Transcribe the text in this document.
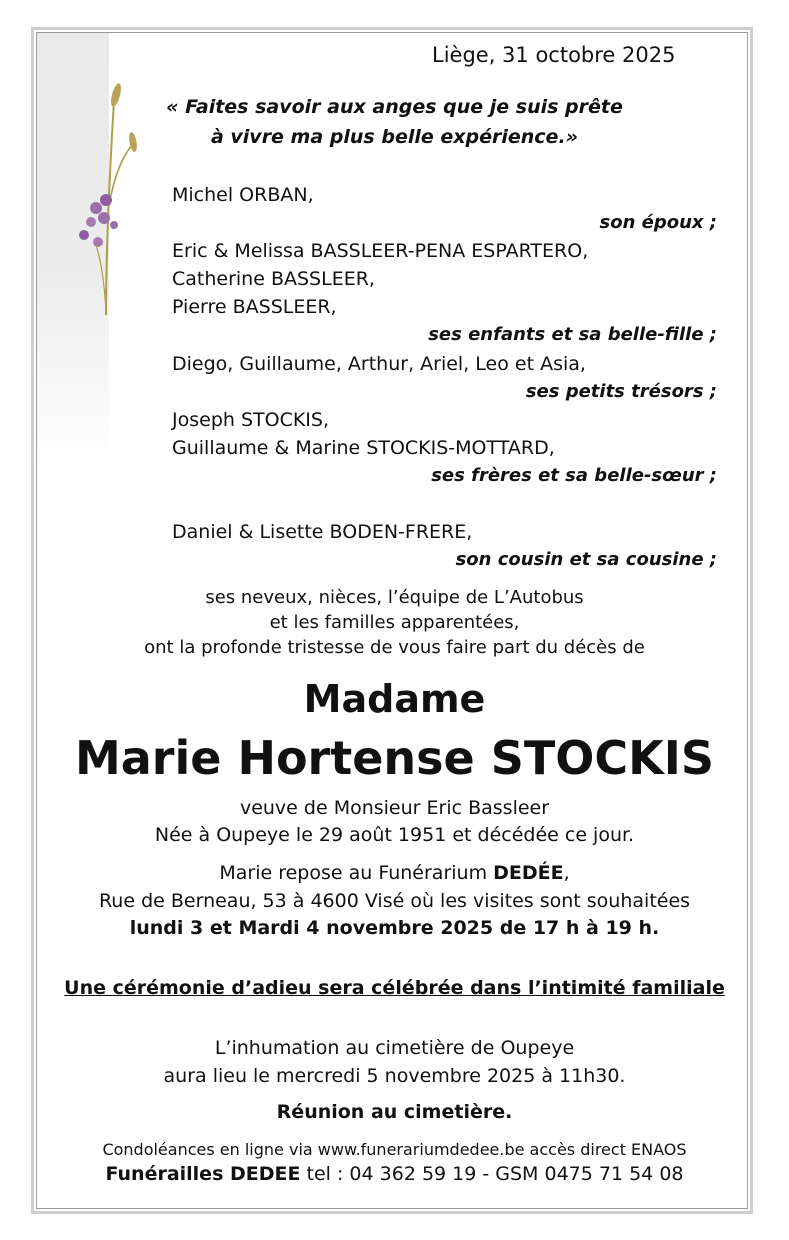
Liège, 31 octobre 2025
« Faites savoir aux anges que je suis prête
à vivre ma plus belle expérience.»
Michel ORBAN,
son époux ;
Eric & Melissa BASSLEER-PENA ESPARTERO,
Catherine BASSLEER,
Pierre BASSLEER,
ses enfants et sa belle-fille ;
Diego, Guillaume, Arthur, Ariel, Leo et Asia,
ses petits trésors ;
Joseph STOCKIS,
Guillaume & Marine STOCKIS-MOTTARD,
ses frères et sa belle-sœur ;
Daniel & Lisette BODEN-FRERE,
son cousin et sa cousine ;
ses neveux, nièces, l’équipe de L’Autobus
et les familles apparentées,
ont la profonde tristesse de vous faire part du décès de
Madame
Marie Hortense STOCKIS
veuve de Monsieur Eric Bassleer
Née à Oupeye le 29 août 1951 et décédée ce jour.
Marie repose au Funérarium DEDÉE,
Rue de Berneau, 53 à 4600 Visé où les visites sont souhaitées
lundi 3 et Mardi 4 novembre 2025 de 17 h à 19 h.
Une cérémonie d’adieu sera célébrée dans l’intimité familiale
L’inhumation au cimetière de Oupeye
aura lieu le mercredi 5 novembre 2025 à 11h30.
Réunion au cimetière.
Condoléances en ligne via www.funerariumdedee.be accès direct ENAOS
Funérailles DEDEE tel : 04 362 59 19 - GSM 0475 71 54 08
